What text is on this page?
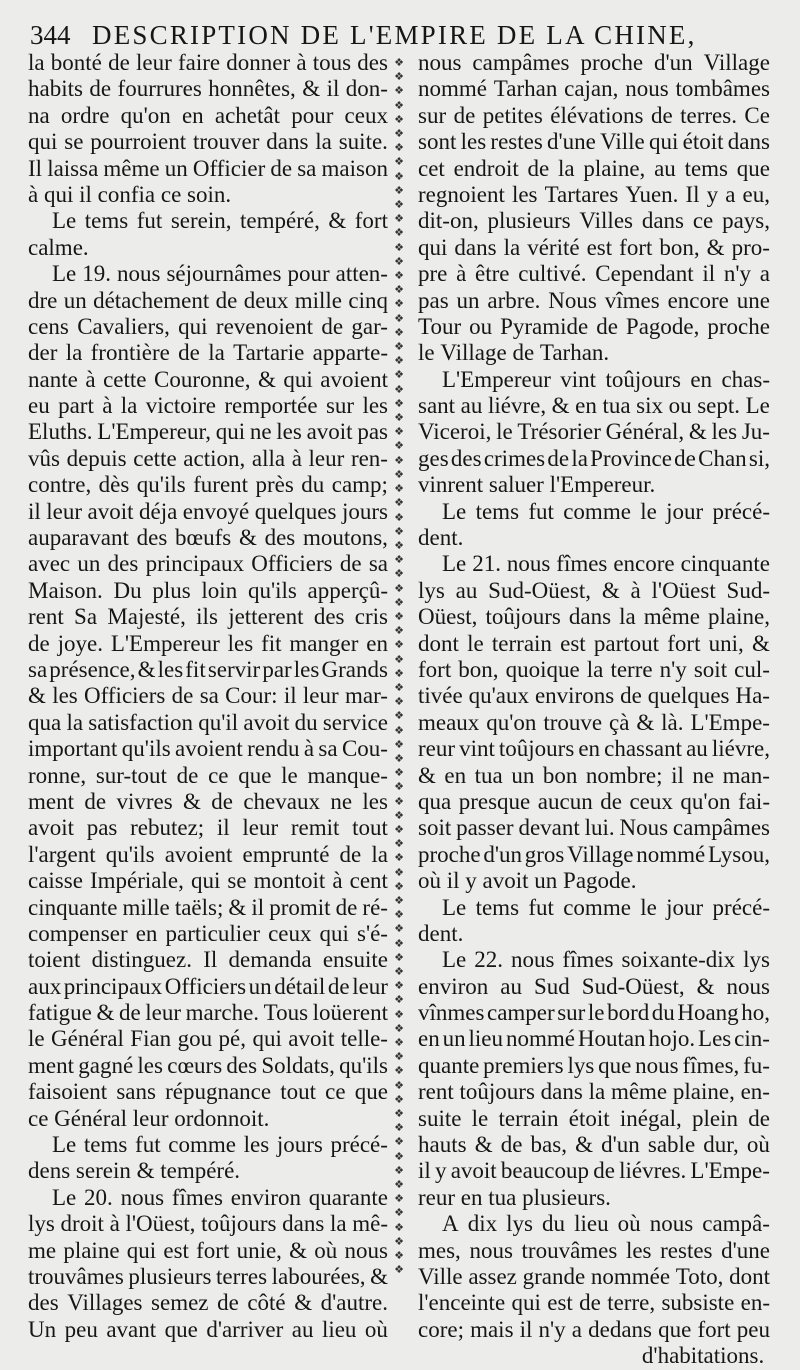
344 DESCRIPTION DE L'EMPIRE DE LA CHINE,
la bonté de leur faire donner à tous des
habits de fourrures honnêtes, & il don-
na ordre qu'on en achetât pour ceux
qui se pourroient trouver dans la suite.
Il laissa même un Officier de sa maison
à
qui
il
confia
ce
soin.

Le tems fut serein, tempéré, & fort
calme.

Le 19. nous séjournâmes pour atten-
dre un détachement de deux mille cinq
cens Cavaliers, qui revenoient de gar-
der la frontière de la Tartarie apparte-
nante à cette Couronne, & qui avoient
eu part à la victoire remportée sur les
Eluths. L'Empereur, qui ne les avoit pas
vûs depuis cette action, alla à leur ren-
contre, dès qu'ils furent près du camp;
il leur avoit déja envoyé quelques jours
auparavant des bœufs & des moutons,
avec un des principaux Officiers de sa
Maison. Du plus loin qu'ils apperçû-
rent Sa Majesté, ils jetterent des cris
de joye. L'Empereur les fit manger en
sa présence, & les fit servir par les Grands
& les Officiers de sa Cour: il leur mar-
qua la satisfaction qu'il avoit du service
important qu'ils avoient rendu à sa Cou-
ronne, sur-tout de ce que le manque-
ment de vivres & de chevaux ne les
avoit pas rebutez; il leur remit tout
l'argent qu'ils avoient emprunté de la
caisse Impériale, qui se montoit à cent
cinquante mille taëls; & il promit de ré-
compenser en particulier ceux qui s'é-
toient distinguez. Il demanda ensuite
aux principaux Officiers un détail de leur
fatigue & de leur marche. Tous loüerent
le Général Fian gou pé, qui avoit telle-
ment gagné les cœurs des Soldats, qu'ils
faisoient sans répugnance tout ce que
ce
Général
leur
ordonnoit.

Le tems fut comme les jours précé-
dens
serein
&
tempéré.

Le 20. nous fîmes environ quarante
lys droit à l'Oüest, toûjours dans la mê-
me plaine qui est fort unie, & où nous
trouvâmes plusieurs terres labourées, &
des Villages semez de côté & d'autre.
Un peu avant que d'arriver au lieu où
❖
❖
❖
❖
❖
❖
❖
❖
❖
❖
❖
❖
❖
❖
❖
❖
❖
❖
❖
❖
❖
❖
❖
❖
❖
❖
❖
❖
❖
❖
❖
❖
❖
❖
❖
❖
❖
❖
❖
❖
❖
❖
❖
❖
❖
❖
❖
❖
❖
❖
❖
❖
❖
❖
❖
❖
❖
❖
❖
❖
❖
❖
❖
❖
❖
❖
❖
❖
❖
❖
❖
❖
❖
❖
❖
❖
❖
❖
❖
❖
❖
❖
❖
❖
❖
❖

nous campâmes proche d'un Village
nommé Tarhan cajan, nous tombâmes
sur de petites élévations de terres. Ce
sont les restes d'une Ville qui étoit dans
cet endroit de la plaine, au tems que
regnoient les Tartares Yuen. Il y a eu,
dit-on, plusieurs Villes dans ce pays,
qui dans la vérité est fort bon, & pro-
pre à être cultivé. Cependant il n'y a
pas un arbre. Nous vîmes encore une
Tour ou Pyramide de Pagode, proche
le
Village
de
Tarhan.

L'Empereur vint toûjours en chas-
sant au liévre, & en tua six ou sept. Le
Viceroi, le Trésorier Général, & les Ju-
ges des crimes de la Province de Chan si,
vinrent
saluer
l'Empereur.

Le tems fut comme le jour précé-
dent.

Le 21. nous fîmes encore cinquante
lys au Sud-Oüest, & à l'Oüest Sud-
Oüest, toûjours dans la même plaine,
dont le terrain est partout fort uni, &
fort bon, quoique la terre n'y soit cul-
tivée qu'aux environs de quelques Ha-
meaux qu'on trouve çà & là. L'Empe-
reur vint toûjours en chassant au liévre,
& en tua un bon nombre; il ne man-
qua presque aucun de ceux qu'on fai-
soit passer devant lui. Nous campâmes
proche d'un gros Village nommé Lysou,
où
il
y
avoit
un
Pagode.

Le tems fut comme le jour précé-
dent.

Le 22. nous fîmes soixante-dix lys
environ au Sud Sud-Oüest, & nous
vînmes camper sur le bord du Hoang ho,
en un lieu nommé Houtan hojo. Les cin-
quante premiers lys que nous fîmes, fu-
rent toûjours dans la même plaine, en-
suite le terrain étoit inégal, plein de
hauts & de bas, & d'un sable dur, où
il y avoit beaucoup de liévres. L'Empe-
reur
en
tua
plusieurs.

A dix lys du lieu où nous campâ-
mes, nous trouvâmes les restes d'une
Ville assez grande nommée Toto, dont
l'enceinte qui est de terre, subsiste en-
core; mais il n'y a dedans que fort peu
d'habitations.
